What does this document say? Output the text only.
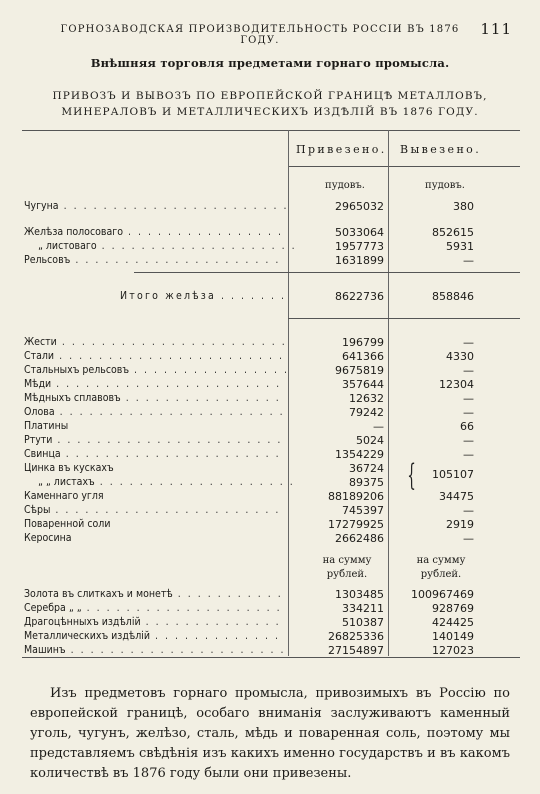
ГОРНОЗАВОДСКАЯ ПРОИЗВОДИТЕЛЬНОСТЬ РОССІИ ВЪ 1876 ГОДУ.
111
Внѣшняя торговля предметами горнаго промысла.
ПРИВОЗЪ И ВЫВОЗЪ ПО ЕВРОПЕЙСКОЙ ГРАНИЦѢ МЕТАЛЛОВЪ, МИНЕРАЛОВЪ И МЕТАЛЛИЧЕСКИХЪ ИЗДѢЛІЙ ВЪ 1876 ГОДУ.
Привезено. Вывезено.
пудовъ.	пудовъ.
Чугуна . . .	2965032	380
Желѣза полосоваго . . .	5033064	852615
„ листоваго . . .	1957773	5931
Рельсовъ . . .	1631899	—
Итого желѣза . . .	8622736	858846
Жести . . .	196799	—
Стали . . .	641366	4330
Стальныхъ рельсовъ . . .	9675819	—
Мѣди . . .	357644	12304
Мѣдныхъ сплавовъ . . .	12632	—
Олова . . .	79242	—
Платины	—	66
Ртути . . .	5024	—
Свинца . . .	1354229	—
Цинка въ кускахъ	36724
„ „ листахъ . . .	89375 {	105107
Каменнаго угля	88189206	34475
Сѣры . . .	745397	—
Поваренной соли	17279925	2919
Керосина	2662486	—
на сумму рублей.
на сумму рублей.
Золота въ слиткахъ и монетѣ . . .	1303485	100967469
Серебра „ „ . . .	334211	928769
Драгоцѣнныхъ издѣлій . . .	510387	424425
Металлическихъ издѣлій . . .	26825336	140149
Машинъ . . .	27154897	127023
Изъ предметовъ горнаго промысла, привозимыхъ въ Россію по европейской границѣ, особаго вниманія заслуживаютъ каменный уголь, чугунъ, желѣзо, сталь, мѣдь и поваренная соль, поэтому мы представляемъ свѣдѣнія изъ какихъ именно государствъ и въ какомъ количествѣ въ 1876 году были они привезены.
